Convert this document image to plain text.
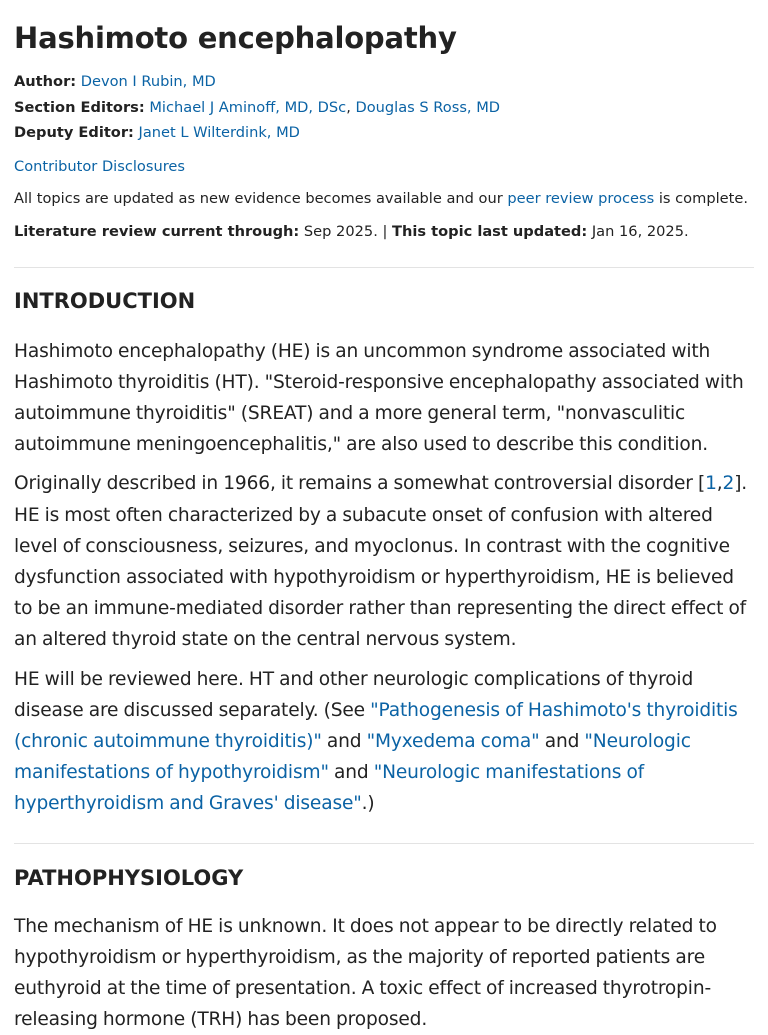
Hashimoto encephalopathy
Author: Devon I Rubin, MD
Section Editors: Michael J Aminoff, MD, DSc, Douglas S Ross, MD
Deputy Editor: Janet L Wilterdink, MD
Contributor Disclosures
All topics are updated as new evidence becomes available and our peer review process is complete.
Literature review current through: Sep 2025. | This topic last updated: Jan 16, 2025.
INTRODUCTION

Hashimoto encephalopathy (HE) is an uncommon syndrome associated with Hashimoto thyroiditis (HT). "Steroid-responsive encephalopathy associated with autoimmune thyroiditis" (SREAT) and a more general term, "nonvasculitic autoimmune meningoencephalitis," are also used to describe this condition.

Originally described in 1966, it remains a somewhat controversial disorder [1,2]. HE is most often characterized by a subacute onset of confusion with altered level of consciousness, seizures, and myoclonus. In contrast with the cognitive dysfunction associated with hypothyroidism or hyperthyroidism, HE is believed to be an immune-mediated disorder rather than representing the direct effect of an altered thyroid state on the central nervous system.

HE will be reviewed here. HT and other neurologic complications of thyroid disease are discussed separately. (See "Pathogenesis of Hashimoto's thyroiditis (chronic autoimmune thyroiditis)" and "Myxedema coma" and "Neurologic manifestations of hypothyroidism" and "Neurologic manifestations of hyperthyroidism and Graves' disease".)

PATHOPHYSIOLOGY

The mechanism of HE is unknown. It does not appear to be directly related to hypothyroidism or hyperthyroidism, as the majority of reported patients are euthyroid at the time of presentation. A toxic effect of increased thyrotropin-releasing hormone (TRH) has been proposed.
